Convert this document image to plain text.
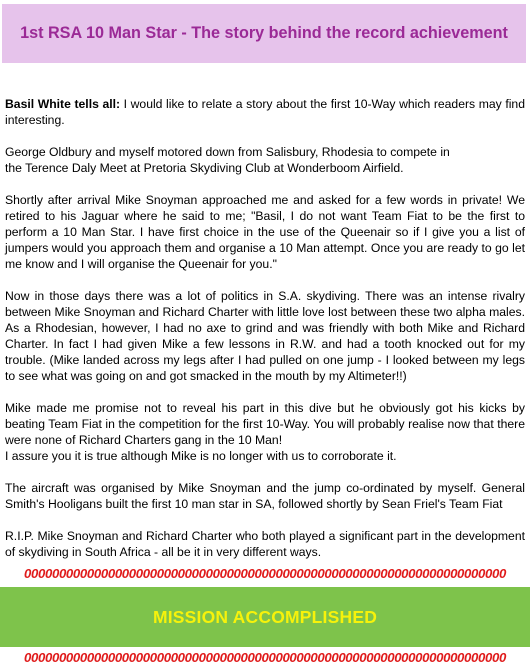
1st RSA 10 Man Star - The story behind the record achievement

Basil White tells all: I would like to relate a story about the first 10-Way which readers may find interesting.

George Oldbury and myself motored down from Salisbury, Rhodesia to compete in
the Terence Daly Meet at Pretoria Skydiving Club at Wonderboom Airfield.

Shortly after arrival Mike Snoyman approached me and asked for a few words in private! We retired to his Jaguar where he said to me; "Basil, I do not want Team Fiat to be the first to perform a 10 Man Star. I have first choice in the use of the Queenair so if I give you a list of jumpers would you approach them and organise a 10 Man attempt. Once you are ready to go let me know and I will organise the Queenair for you."

Now in those days there was a lot of politics in S.A. skydiving. There was an intense rivalry between Mike Snoyman and Richard Charter with little love lost between these two alpha males. As a Rhodesian, however, I had no axe to grind and was friendly with both Mike and Richard Charter. In fact I had given Mike a few lessons in R.W. and had a tooth knocked out for my trouble. (Mike landed across my legs after I had pulled on one jump - I looked between my legs to see what was going on and got smacked in the mouth by my Altimeter!!)

Mike made me promise not to reveal his part in this dive but he obviously got his kicks by beating Team Fiat in the competition for the first 10-Way. You will probably realise now that there were none of Richard Charters gang in the 10 Man!
I assure you it is true although Mike is no longer with us to corroborate it.

The aircraft was organised by Mike Snoyman and the jump co-ordinated by myself. General Smith's Hooligans built the first 10 man star in SA, followed shortly by Sean Friel's Team Fiat

R.I.P. Mike Snoyman and Richard Charter who both played a significant part in the development of skydiving in South Africa - all be it in very different ways.

000000000000000000000000000000000000000000000000000000000000000000000
MISSION ACCOMPLISHED
000000000000000000000000000000000000000000000000000000000000000000000
